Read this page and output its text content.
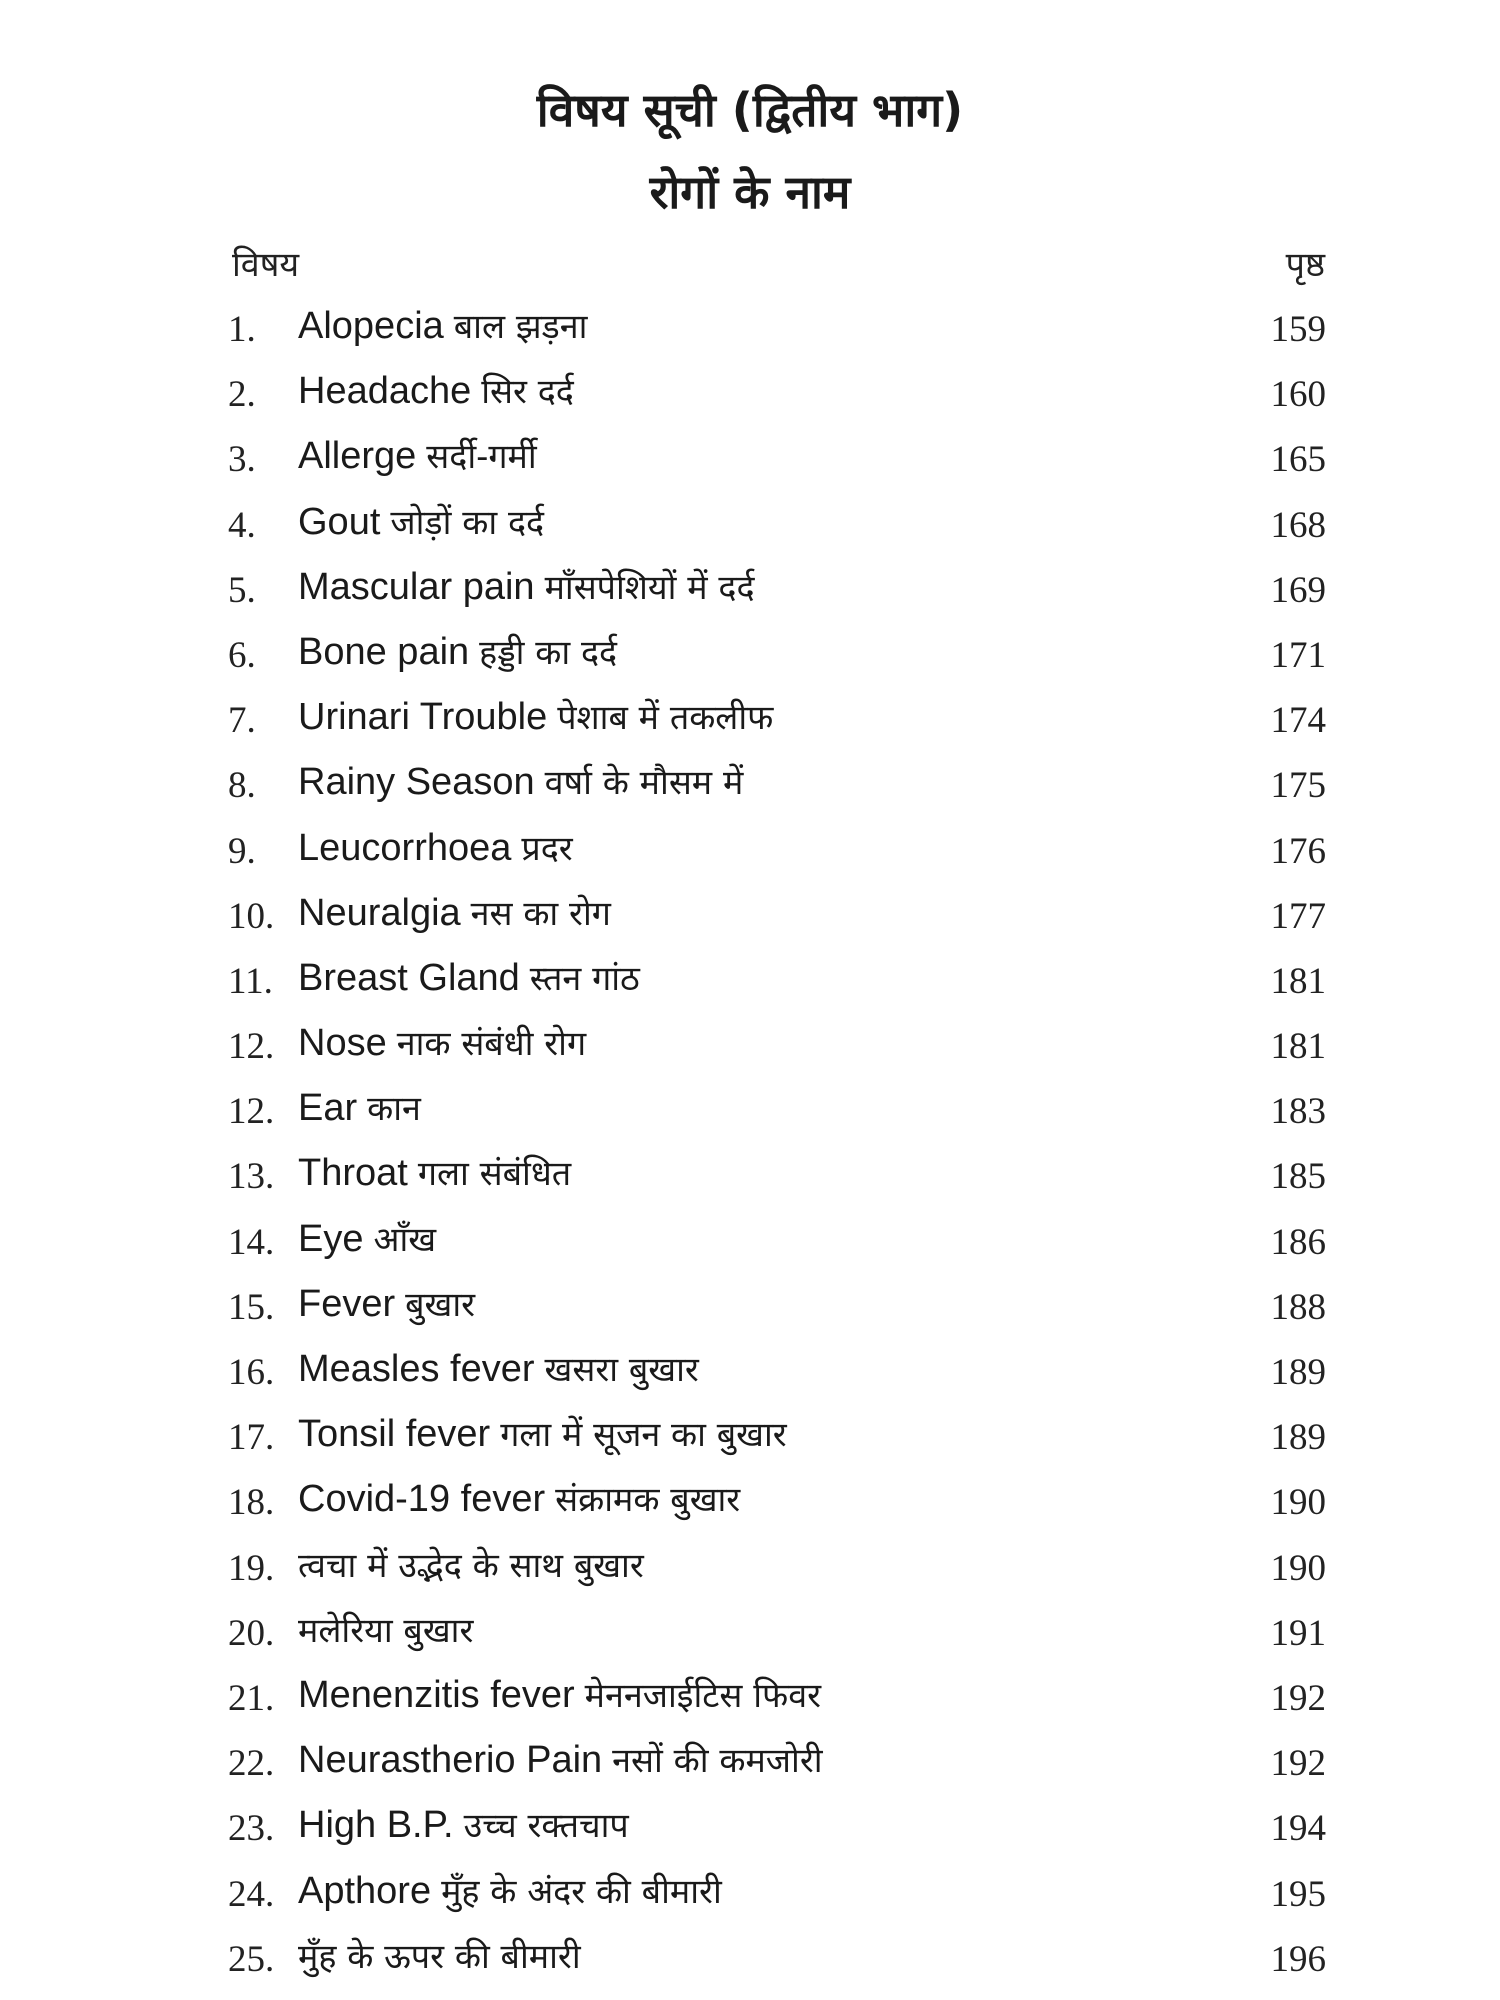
विषय सूची (द्वितीय भाग)
रोगों के नाम
विषय	पृष्ठ
1. Alopecia बाल झड़ना	159
2. Headache सिर दर्द	160
3. Allerge सर्दी-गर्मी	165
4. Gout जोड़ों का दर्द	168
5. Mascular pain माँसपेशियों में दर्द	169
6. Bone pain हड्डी का दर्द	171
7. Urinari Trouble पेशाब में तकलीफ	174
8. Rainy Season वर्षा के मौसम में	175
9. Leucorrhoea प्रदर	176
10. Neuralgia नस का रोग	177
11. Breast Gland स्तन गांठ	181
12. Nose नाक संबंधी रोग	181
12. Ear कान	183
13. Throat गला संबंधित	185
14. Eye आँख	186
15. Fever बुखार	188
16. Measles fever खसरा बुखार	189
17. Tonsil fever गला में सूजन का बुखार	189
18. Covid-19 fever संक्रामक बुखार	190
19. त्वचा में उद्भेद के साथ बुखार	190
20. मलेरिया बुखार	191
21. Menenzitis fever मेननजाईटिस फिवर	192
22. Neurastherio Pain नसों की कमजोरी	192
23. High B.P. उच्च रक्तचाप	194
24. Apthore मुँह के अंदर की बीमारी	195
25. मुँह के ऊपर की बीमारी	196
